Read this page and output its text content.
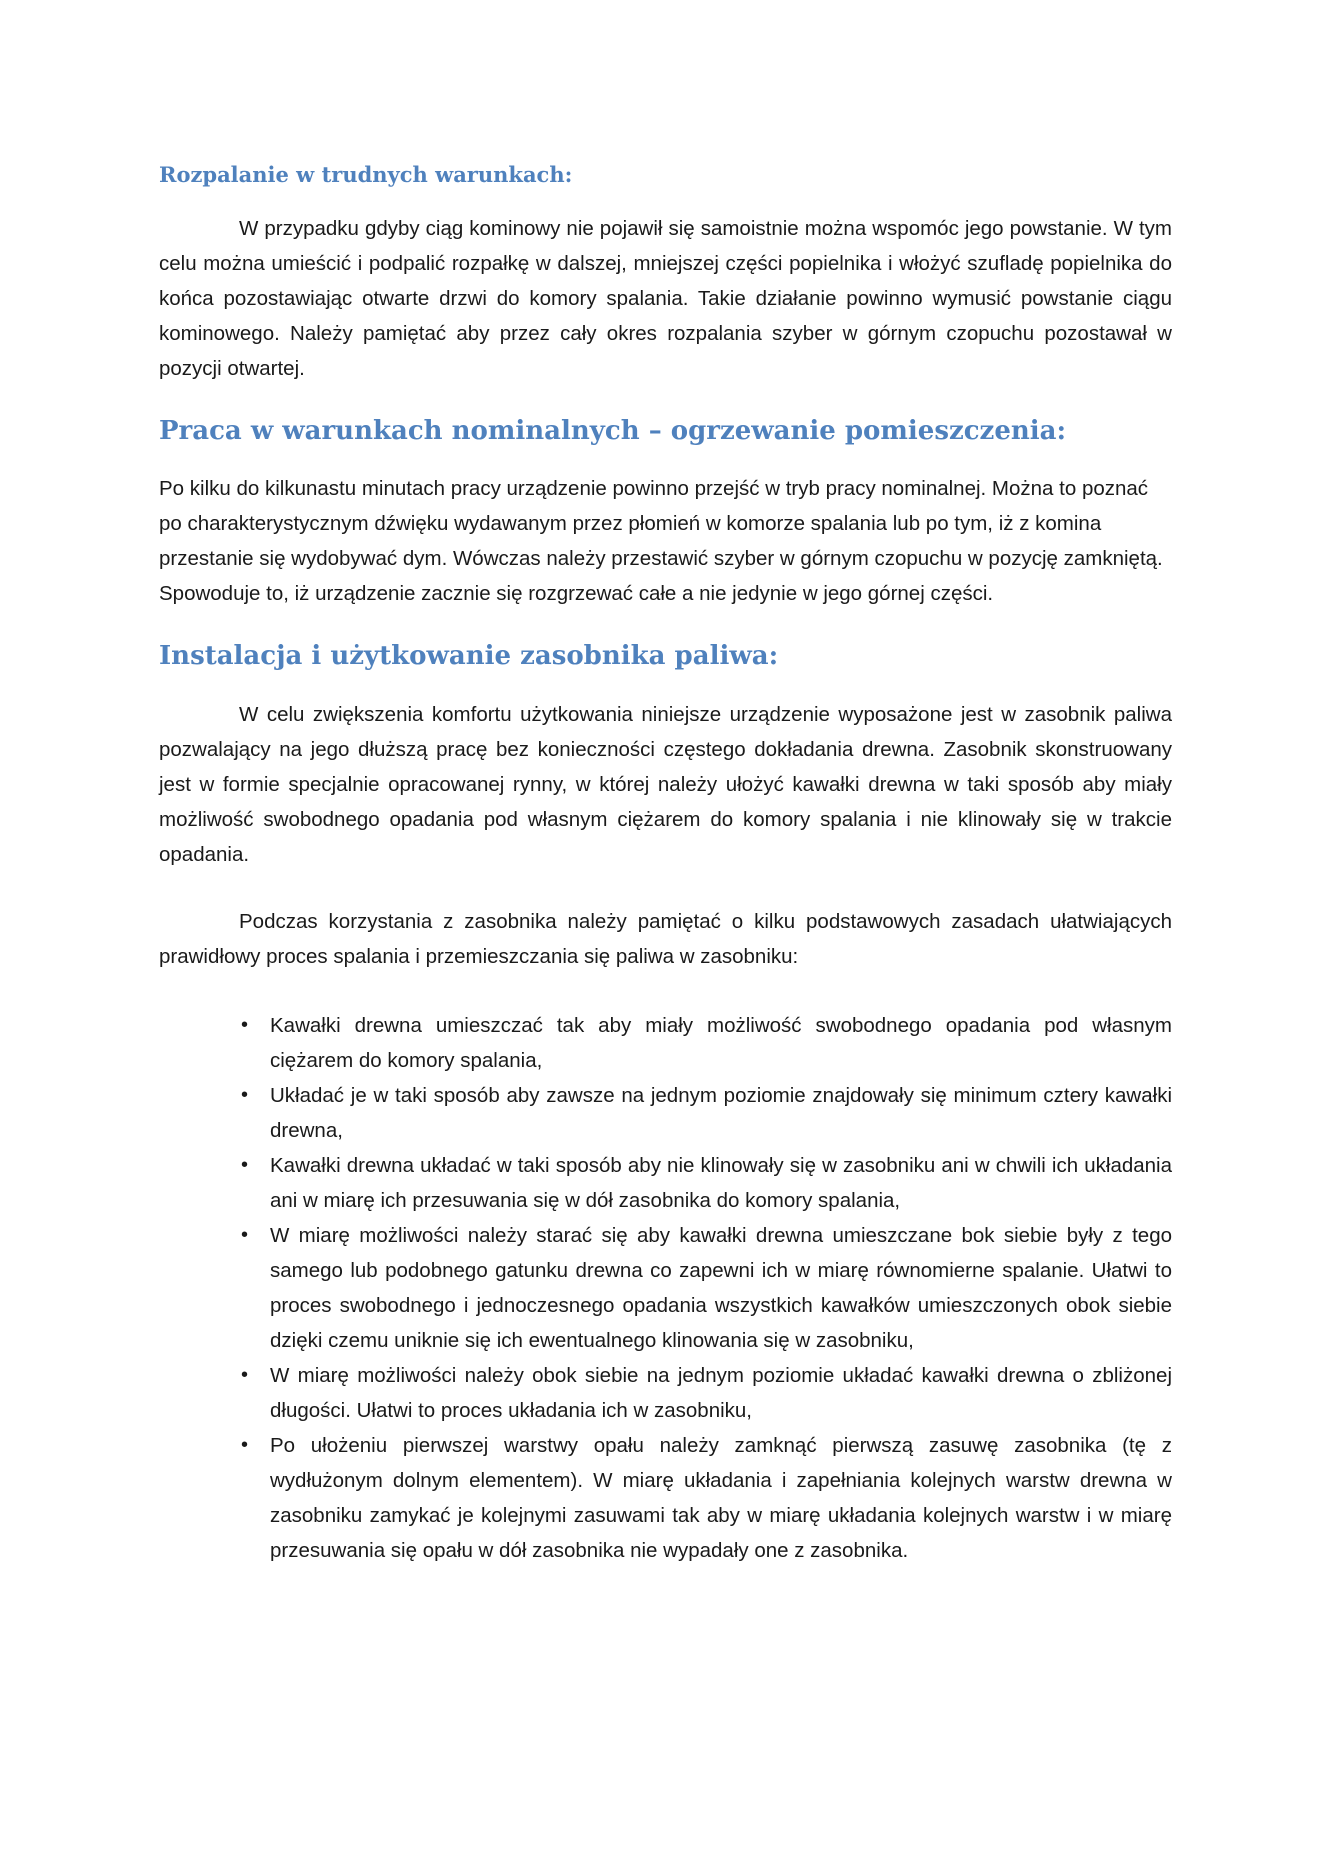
Rozpalanie w trudnych warunkach:

W przypadku gdyby ciąg kominowy nie pojawił się samoistnie można wspomóc jego powstanie. W tym celu można umieścić i podpalić rozpałkę w dalszej, mniejszej części popielnika i włożyć szufladę popielnika do końca pozostawiając otwarte drzwi do komory spalania. Takie działanie powinno wymusić powstanie ciągu kominowego. Należy pamiętać aby przez cały okres rozpalania szyber w górnym czopuchu pozostawał w pozycji otwartej.

Praca w warunkach nominalnych – ogrzewanie pomieszczenia:

Po kilku do kilkunastu minutach pracy urządzenie powinno przejść w tryb pracy nominalnej. Można to poznać po charakterystycznym dźwięku wydawanym przez płomień w komorze spalania lub po tym, iż z komina przestanie się wydobywać dym. Wówczas należy przestawić szyber w górnym czopuchu w pozycję zamkniętą. Spowoduje to, iż urządzenie zacznie się rozgrzewać całe a nie jedynie w jego górnej części.

Instalacja i użytkowanie zasobnika paliwa:

W celu zwiększenia komfortu użytkowania niniejsze urządzenie wyposażone jest w zasobnik paliwa pozwalający na jego dłuższą pracę bez konieczności częstego dokładania drewna. Zasobnik skonstruowany jest w formie specjalnie opracowanej rynny, w której należy ułożyć kawałki drewna w taki sposób aby miały możliwość swobodnego opadania pod własnym ciężarem do komory spalania i nie klinowały się w trakcie opadania.

Podczas korzystania z zasobnika należy pamiętać o kilku podstawowych zasadach ułatwiających prawidłowy proces spalania i przemieszczania się paliwa w zasobniku:

• Kawałki drewna umieszczać tak aby miały możliwość swobodnego opadania pod własnym ciężarem do komory spalania,
• Układać je w taki sposób aby zawsze na jednym poziomie znajdowały się minimum cztery kawałki drewna,
• Kawałki drewna układać w taki sposób aby nie klinowały się w zasobniku ani w chwili ich układania ani w miarę ich przesuwania się w dół zasobnika do komory spalania,
• W miarę możliwości należy starać się aby kawałki drewna umieszczane bok siebie były z tego samego lub podobnego gatunku drewna co zapewni ich w miarę równomierne spalanie. Ułatwi to proces swobodnego i jednoczesnego opadania wszystkich kawałków umieszczonych obok siebie dzięki czemu uniknie się ich ewentualnego klinowania się w zasobniku,
• W miarę możliwości należy obok siebie na jednym poziomie układać kawałki drewna o zbliżonej długości. Ułatwi to proces układania ich w zasobniku,
• Po ułożeniu pierwszej warstwy opału należy zamknąć pierwszą zasuwę zasobnika (tę z wydłużonym dolnym elementem). W miarę układania i zapełniania kolejnych warstw drewna w zasobniku zamykać je kolejnymi zasuwami tak aby w miarę układania kolejnych warstw i w miarę przesuwania się opału w dół zasobnika nie wypadały one z zasobnika.
